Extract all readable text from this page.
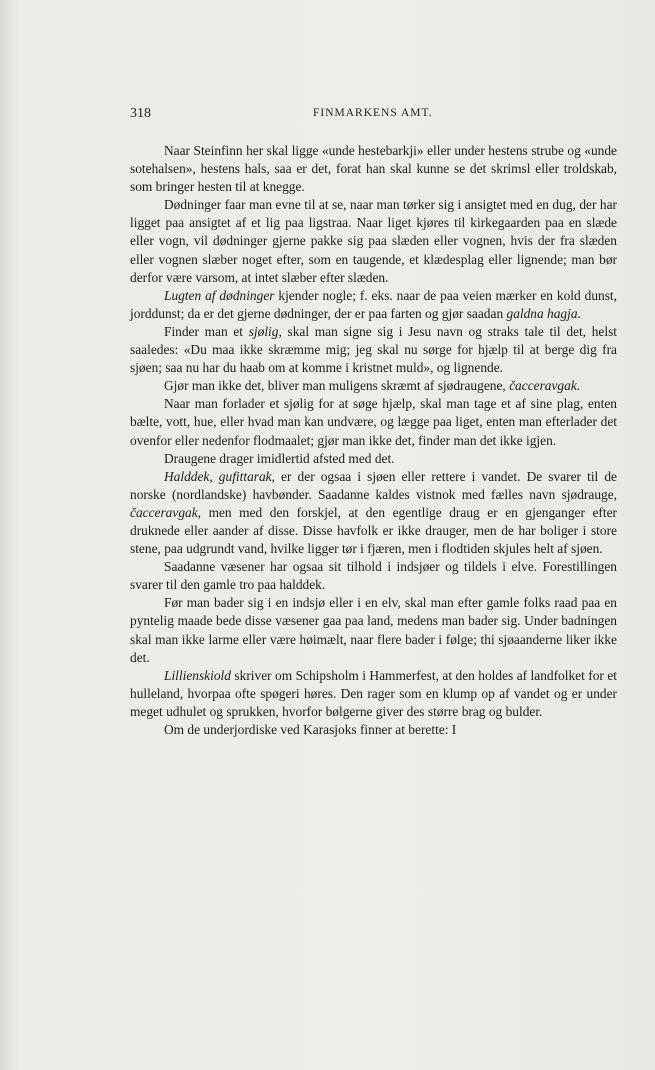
318	FINMARKENS AMT.

Naar Steinfinn her skal ligge «unde hestebarkji» eller under hestens strube og «unde sotehalsen», hestens hals, saa er det, forat han skal kunne se det skrimsl eller troldskab, som bringer hesten til at knegge.

Dødninger faar man evne til at se, naar man tørker sig i ansigtet med en dug, der har ligget paa ansigtet af et lig paa ligstraa. Naar liget kjøres til kirkegaarden paa en slæde eller vogn, vil dødninger gjerne pakke sig paa slæden eller vognen, hvis der fra slæden eller vognen slæber noget efter, som en taugende, et klædesplag eller lignende; man bør derfor være varsom, at intet slæber efter slæden.

Lugten af dødninger kjender nogle; f. eks. naar de paa veien mærker en kold dunst, jorddunst; da er det gjerne dødninger, der er paa farten og gjør saadan galdna hagja.

Finder man et sjølig, skal man signe sig i Jesu navn og straks tale til det, helst saaledes: «Du maa ikke skræmme mig; jeg skal nu sørge for hjælp til at berge dig fra sjøen; saa nu har du haab om at komme i kristnet muld», og lignende.

Gjør man ikke det, bliver man muligens skræmt af sjødraugene, čacceravgak.

Naar man forlader et sjølig for at søge hjælp, skal man tage et af sine plag, enten bælte, vott, hue, eller hvad man kan undvære, og lægge paa liget, enten man efterlader det ovenfor eller nedenfor flodmaalet; gjør man ikke det, finder man det ikke igjen.

Draugene drager imidlertid afsted med det.

Halddek, gufittarak, er der ogsaa i sjøen eller rettere i vandet. De svarer til de norske (nordlandske) havbønder. Saadanne kaldes vistnok med fælles navn sjødrauge, čacceravgak, men med den forskjel, at den egentlige draug er en gjenganger efter druknede eller aander af disse. Disse havfolk er ikke drauger, men de har boliger i store stene, paa udgrundt vand, hvilke ligger tør i fjæren, men i flodtiden skjules helt af sjøen.

Saadanne væsener har ogsaa sit tilhold i indsjøer og tildels i elve. Forestillingen svarer til den gamle tro paa halddek.

Før man bader sig i en indsjø eller i en elv, skal man efter gamle folks raad paa en pyntelig maade bede disse væsener gaa paa land, medens man bader sig. Under badningen skal man ikke larme eller være høimælt, naar flere bader i følge; thi sjøaanderne liker ikke det.

Lillienskiold skriver om Schipsholm i Hammerfest, at den holdes af landfolket for et hulleland, hvorpaa ofte spøgeri høres. Den rager som en klump op af vandet og er under meget udhulet og sprukken, hvorfor bølgerne giver des større brag og bulder.

Om de underjordiske ved Karasjoks finner at berette: I
